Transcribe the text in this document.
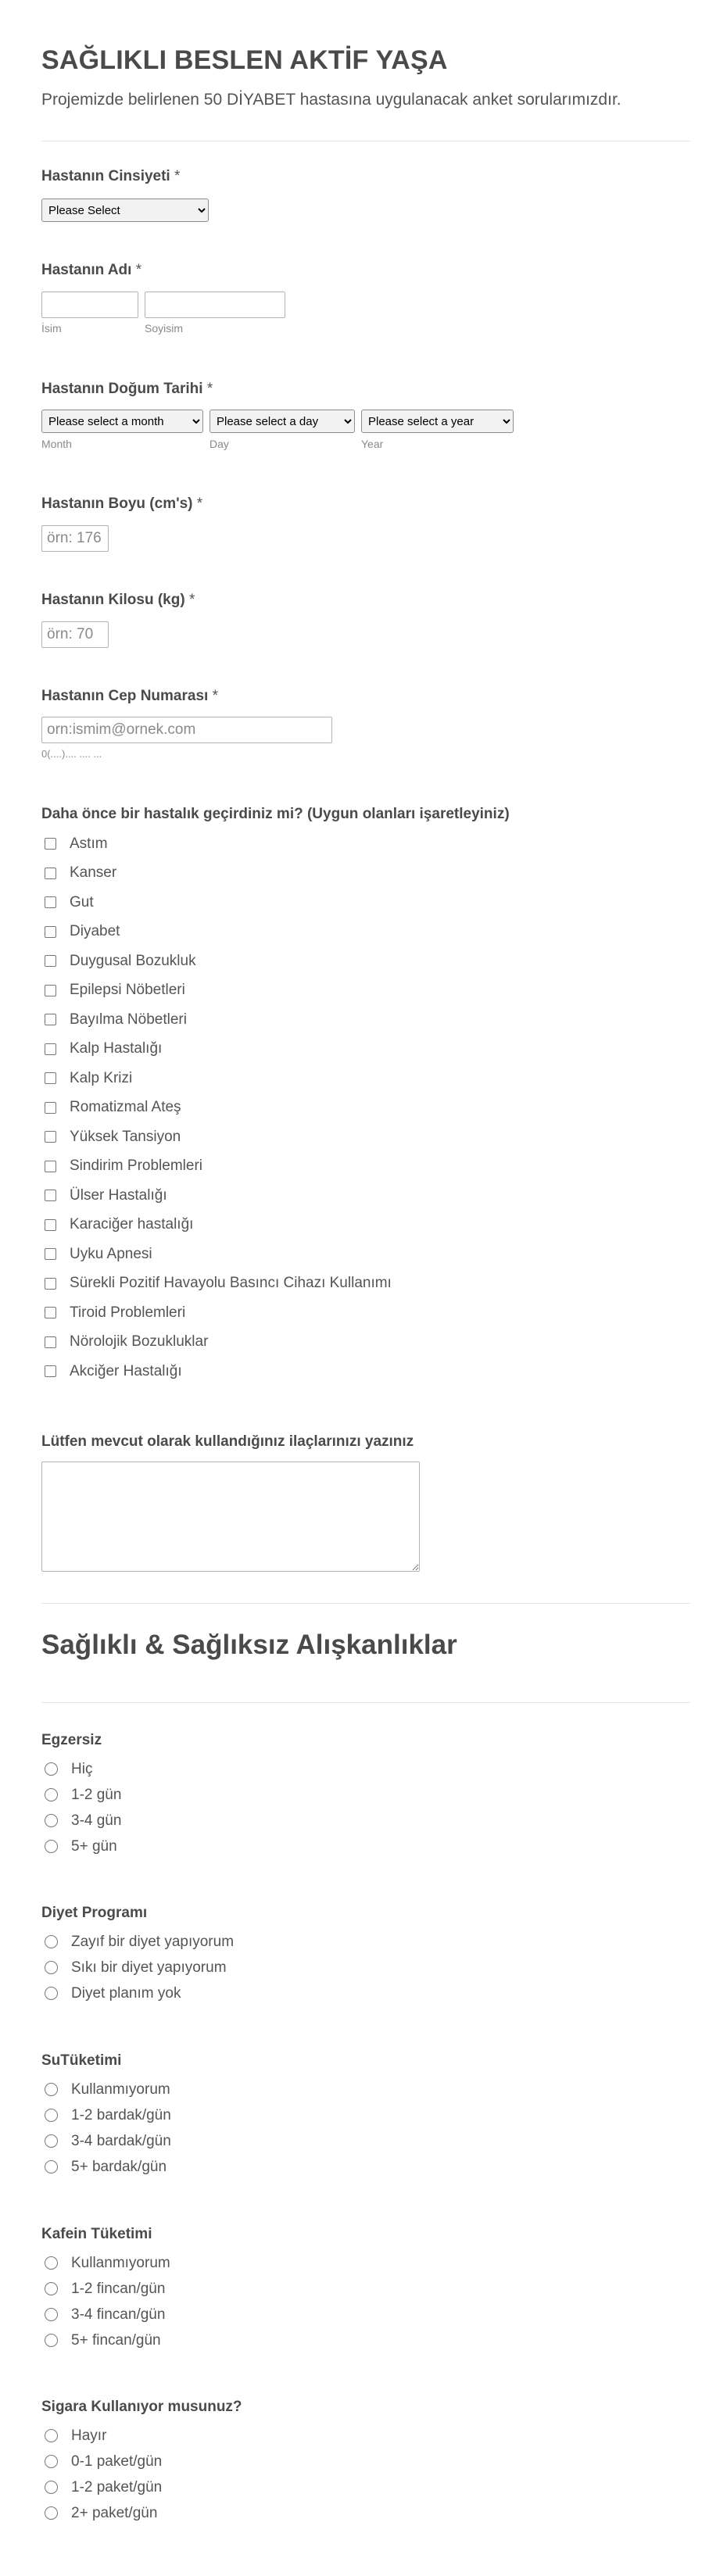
SAĞLIKLI BESLEN AKTİF YAŞA
Projemizde belirlenen 50 DİYABET hastasına uygulanacak anket sorularımızdır.
Hastanın Cinsiyeti *
Please Select
Hastanın Adı *
İsim	Soyisim
Hastanın Doğum Tarihi *
Please select a month
Please select a day
Please select a year
Month	Day	Year
Hastanın Boyu (cm's) *
örn: 176
Hastanın Kilosu (kg) *
örn: 70
Hastanın Cep Numarası *
orn:ismim@ornek.com
0(....).... .... ...
Daha önce bir hastalık geçirdiniz mi? (Uygun olanları işaretleyiniz)
Astım
Kanser
Gut
Diyabet
Duygusal Bozukluk
Epilepsi Nöbetleri
Bayılma Nöbetleri
Kalp Hastalığı
Kalp Krizi
Romatizmal Ateş
Yüksek Tansiyon
Sindirim Problemleri
Ülser Hastalığı
Karaciğer hastalığı
Uyku Apnesi
Sürekli Pozitif Havayolu Basıncı Cihazı Kullanımı
Tiroid Problemleri
Nörolojik Bozukluklar
Akciğer Hastalığı
Lütfen mevcut olarak kullandığınız ilaçlarınızı yazınız
Sağlıklı & Sağlıksız Alışkanlıklar
Egzersiz
Hiç
1-2 gün
3-4 gün
5+ gün
Diyet Programı
Zayıf bir diyet yapıyorum
Sıkı bir diyet yapıyorum
Diyet planım yok
SuTüketimi
Kullanmıyorum
1-2 bardak/gün
3-4 bardak/gün
5+ bardak/gün
Kafein Tüketimi
Kullanmıyorum
1-2 fincan/gün
3-4 fincan/gün
5+ fincan/gün
Sigara Kullanıyor musunuz?
Hayır
0-1 paket/gün
1-2 paket/gün
2+ paket/gün
